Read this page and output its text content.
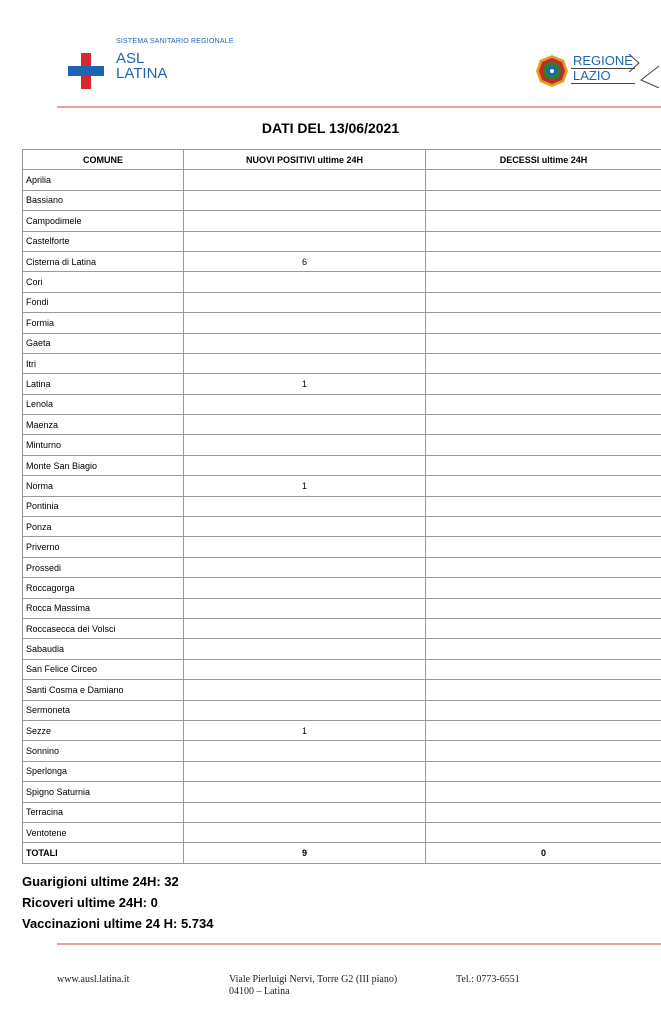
SISTEMA SANITARIO REGIONALE
ASL
LATINA
REGIONE
LAZIO
DATI DEL 13/06/2021
COMUNE	NUOVI POSITIVI ultime 24H	DECESSI ultime 24H
Aprilia		
Bassiano		
Campodimele		
Castelforte		
Cisterna di Latina	6	
Cori		
Fondi		
Formia		
Gaeta		
Itri		
Latina	1	
Lenola		
Maenza		
Minturno		
Monte San Biagio		
Norma	1	
Pontinia		
Ponza		
Priverno		
Prossedi		
Roccagorga		
Rocca Massima		
Roccasecca dei Volsci		
Sabaudia		
San Felice Circeo		
Santi Cosma e Damiano		
Sermoneta		
Sezze	1	
Sonnino		
Sperlonga		
Spigno Saturnia		
Terracina		
Ventotene		
TOTALI	9	0
Guarigioni ultime 24H: 32
Ricoveri ultime 24H: 0
Vaccinazioni ultime 24 H: 5.734
www.ausl.latina.it	Viale Pierluigi Nervi, Torre G2 (III piano)
04100 – Latina
Tel.: 0773-6551
